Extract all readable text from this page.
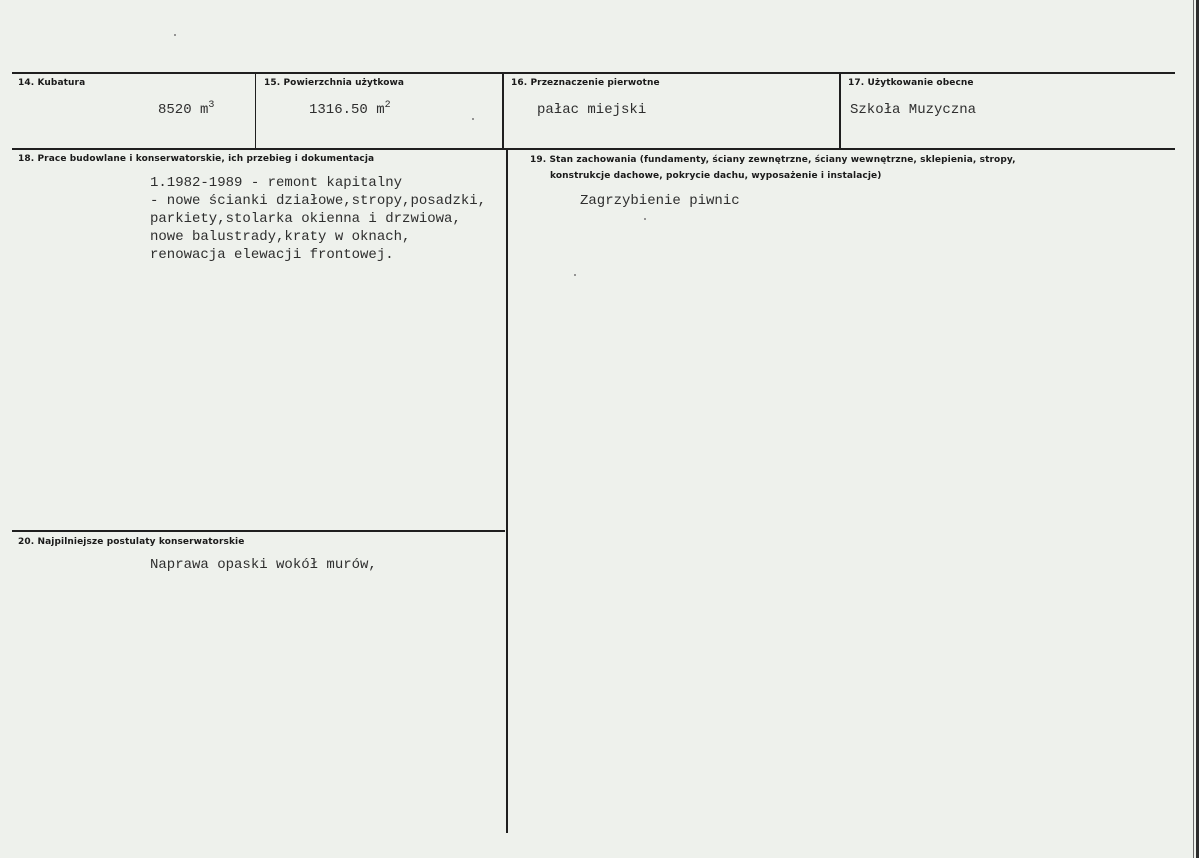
14. Kubatura
8520 $m^3$
15. Powierzchnia użytkowa
1316.50 $m^2$
16. Przeznaczenie pierwotne
pałac miejski
17. Użytkowanie obecne
Szkoła Muzyczna
18. Prace budowlane i konserwatorskie, ich przebieg i dokumentacja
1.1982-1989 - remont kapitalny
- nowe ścianki działowe,stropy,posadzki,
parkiety,stolarka okienna i drzwiowa,
nowe balustrady,kraty w oknach,
renowacja elewacji frontowej.
19. Stan zachowania (fundamenty, ściany zewnętrzne, ściany wewnętrzne, sklepienia, stropy,
konstrukcje dachowe, pokrycie dachu, wyposażenie i instalacje)
Zagrzybienie piwnic
20. Najpilniejsze postulaty konserwatorskie
Naprawa opaski wokół murów,
